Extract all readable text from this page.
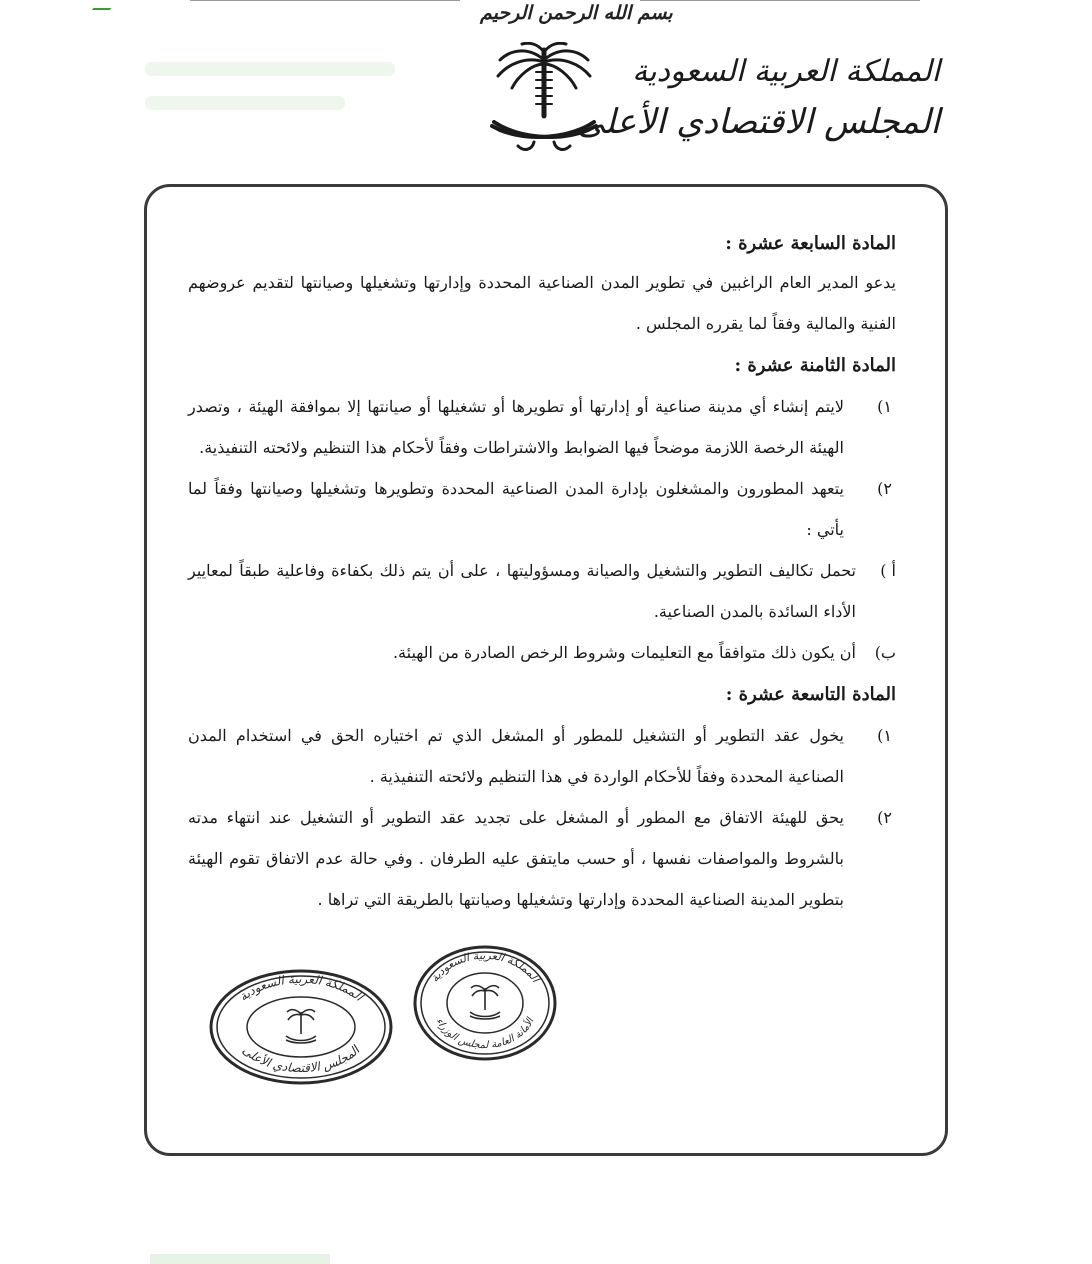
بسم الله الرحمن الرحيم
المملكة العربية السعودية
المجلس الاقتصادي الأعلى
المادة السابعة عشرة :

يدعو المدير العام الراغبين في تطوير المدن الصناعية المحددة وإدارتها وتشغيلها وصيانتها لتقديم عروضهم الفنية والمالية وفقاً لما يقرره المجلس .

المادة الثامنة عشرة :
١)

لايتم إنشاء أي مدينة صناعية أو إدارتها أو تطويرها أو تشغيلها أو صيانتها إلا بموافقة الهيئة ، وتصدر الهيئة الرخصة اللازمة موضحاً فيها الضوابط والاشتراطات وفقاً لأحكام هذا التنظيم ولائحته التنفيذية.

٢)

يتعهد المطورون والمشغلون بإدارة المدن الصناعية المحددة وتطويرها وتشغيلها وصيانتها وفقاً لما يأتي :

أ )

تحمل تكاليف التطوير والتشغيل والصيانة ومسؤوليتها ، على أن يتم ذلك بكفاءة وفاعلية طبقاً لمعايير الأداء السائدة بالمدن الصناعية.

ب)

أن يكون ذلك متوافقاً مع التعليمات وشروط الرخص الصادرة من الهيئة.

المادة التاسعة عشرة :
١)

يخول عقد التطوير أو التشغيل للمطور أو المشغل الذي تم اختياره الحق في استخدام المدن الصناعية المحددة وفقاً للأحكام الواردة في هذا التنظيم ولائحته التنفيذية .

٢)

يحق للهيئة الاتفاق مع المطور أو المشغل على تجديد عقد التطوير أو التشغيل عند انتهاء مدته بالشروط والمواصفات نفسها ، أو حسب مايتفق عليه الطرفان . وفي حالة عدم الاتفاق تقوم الهيئة بتطوير المدينة الصناعية المحددة وإدارتها وتشغيلها وصيانتها بالطريقة التي تراها .

المملكة العربية السعودية
المجلس الاقتصادي الأعلى
المملكة العربية السعودية
الأمانة العامة لمجلس الوزراء
